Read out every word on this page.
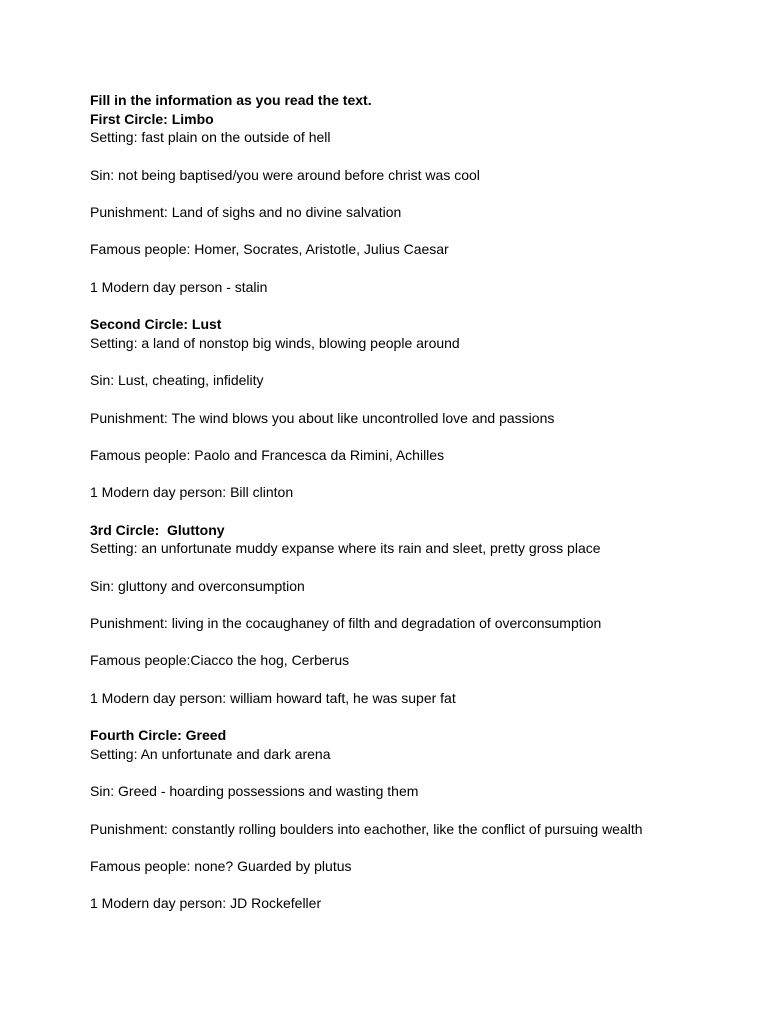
Fill in the information as you read the text.
First Circle: Limbo
Setting: fast plain on the outside of hell
Sin: not being baptised/you were around before christ was cool
Punishment: Land of sighs and no divine salvation
Famous people: Homer, Socrates, Aristotle, Julius Caesar
1 Modern day person - stalin
Second Circle: Lust
Setting: a land of nonstop big winds, blowing people around
Sin: Lust, cheating, infidelity
Punishment: The wind blows you about like uncontrolled love and passions
Famous people: Paolo and Francesca da Rimini, Achilles
1 Modern day person: Bill clinton
3rd Circle:  Gluttony
Setting: an unfortunate muddy expanse where its rain and sleet, pretty gross place
Sin: gluttony and overconsumption
Punishment: living in the cocaughaney of filth and degradation of overconsumption
Famous people:Ciacco the hog, Cerberus
1 Modern day person: william howard taft, he was super fat
Fourth Circle: Greed
Setting: An unfortunate and dark arena
Sin: Greed - hoarding possessions and wasting them
Punishment: constantly rolling boulders into eachother, like the conflict of pursuing wealth
Famous people: none? Guarded by plutus
1 Modern day person: JD Rockefeller
